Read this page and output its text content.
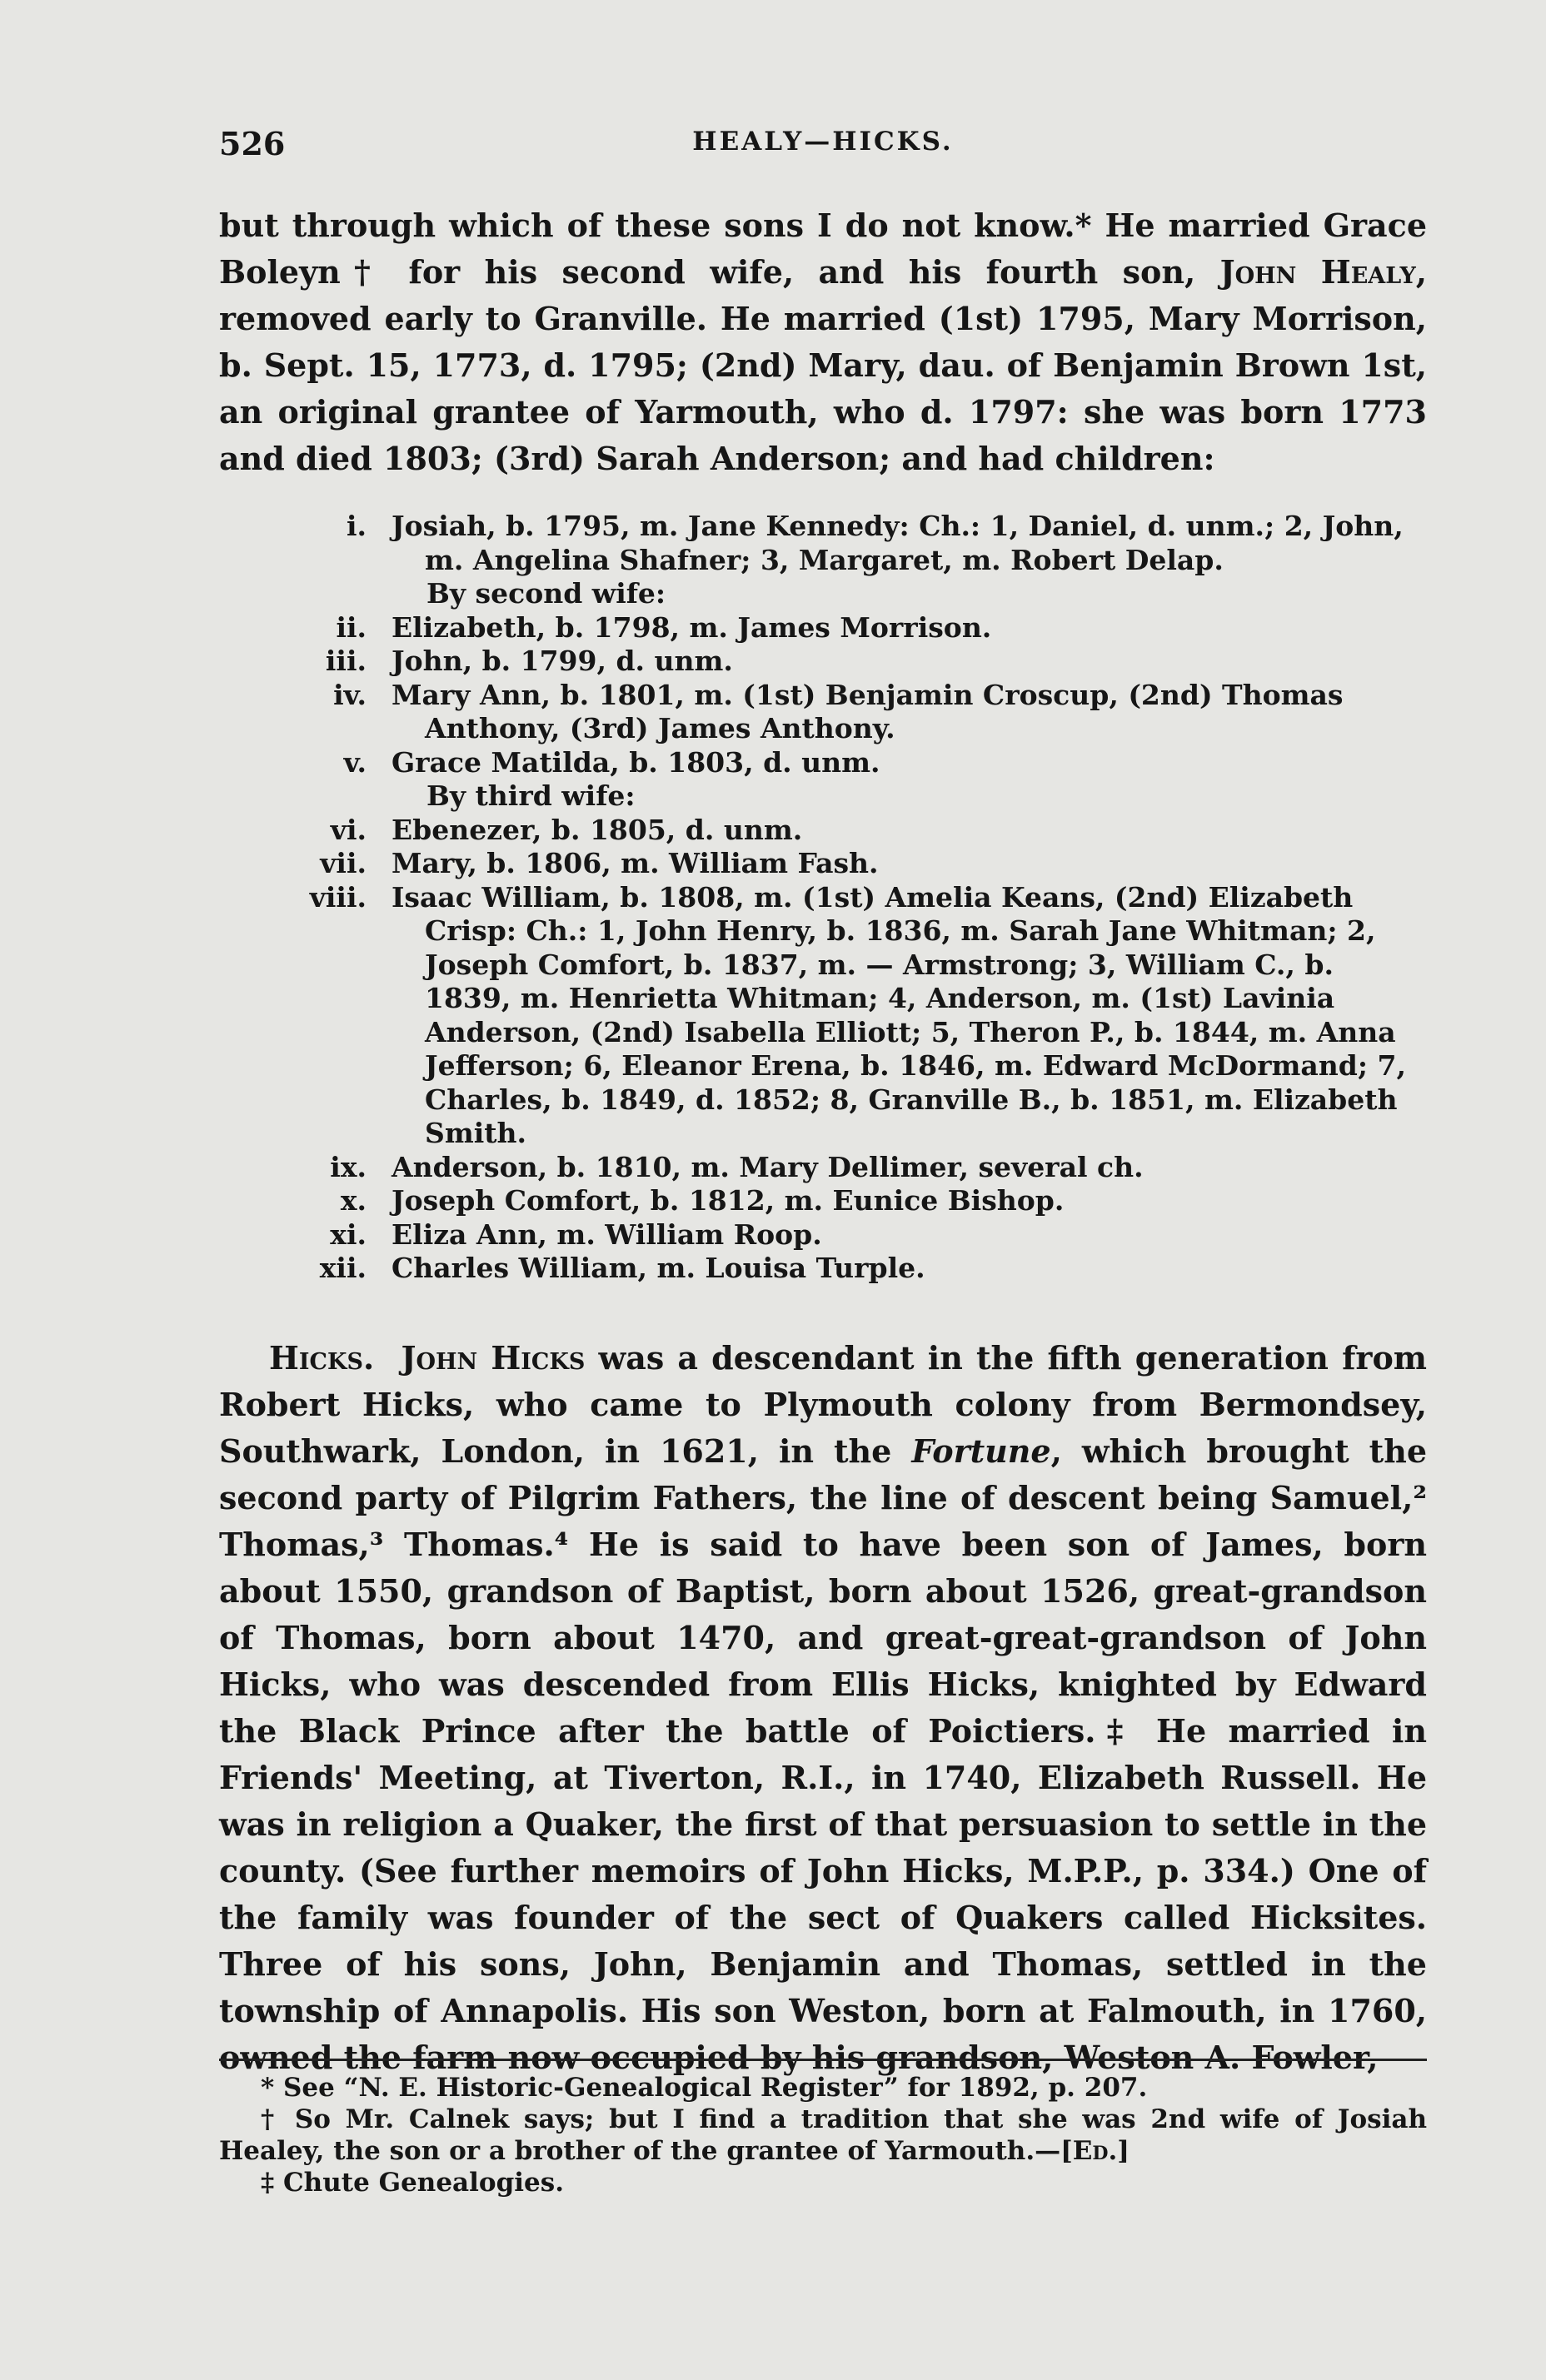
526	HEALY—HICKS.
but through which of these sons I do not know.* He married Grace Boleyn† for his second wife, and his fourth son, John Healy, removed early to Granville. He married (1st) 1795, Mary Morrison, b. Sept. 15, 1773, d. 1795; (2nd) Mary, dau. of Benjamin Brown 1st, an original grantee of Yarmouth, who d. 1797: she was born 1773 and died 1803; (3rd) Sarah Anderson; and had children:
i. Josiah, b. 1795, m. Jane Kennedy: Ch.: 1, Daniel, d. unm.; 2, John, m. Angelina Shafner; 3, Margaret, m. Robert Delap.
By second wife:
ii. Elizabeth, b. 1798, m. James Morrison.
iii. John, b. 1799, d. unm.
iv. Mary Ann, b. 1801, m. (1st) Benjamin Croscup, (2nd) Thomas Anthony, (3rd) James Anthony.
v. Grace Matilda, b. 1803, d. unm.
By third wife:
vi. Ebenezer, b. 1805, d. unm.
vii. Mary, b. 1806, m. William Fash.
viii. Isaac William, b. 1808, m. (1st) Amelia Keans, (2nd) Elizabeth Crisp: Ch.: 1, John Henry, b. 1836, m. Sarah Jane Whitman; 2, Joseph Comfort, b. 1837, m. — Armstrong; 3, William C., b. 1839, m. Henrietta Whitman; 4, Anderson, m. (1st) Lavinia Anderson, (2nd) Isabella Elliott; 5, Theron P., b. 1844, m. Anna Jefferson; 6, Eleanor Erena, b. 1846, m. Edward McDormand; 7, Charles, b. 1849, d. 1852; 8, Granville B., b. 1851, m. Elizabeth Smith.
ix. Anderson, b. 1810, m. Mary Dellimer, several ch.
x. Joseph Comfort, b. 1812, m. Eunice Bishop.
xi. Eliza Ann, m. William Roop.
xii. Charles William, m. Louisa Turple.
Hicks. John Hicks was a descendant in the fifth generation from Robert Hicks, who came to Plymouth colony from Bermondsey, Southwark, London, in 1621, in the Fortune, which brought the second party of Pilgrim Fathers, the line of descent being Samuel,² Thomas,³ Thomas.⁴ He is said to have been son of James, born about 1550, grandson of Baptist, born about 1526, great-grandson of Thomas, born about 1470, and great-great-grandson of John Hicks, who was descended from Ellis Hicks, knighted by Edward the Black Prince after the battle of Poictiers.‡ He married in Friends' Meeting, at Tiverton, R.I., in 1740, Elizabeth Russell. He was in religion a Quaker, the first of that persuasion to settle in the county. (See further memoirs of John Hicks, M.P.P., p. 334.) One of the family was founder of the sect of Quakers called Hicksites. Three of his sons, John, Benjamin and Thomas, settled in the township of Annapolis. His son Weston, born at Falmouth, in 1760, owned the farm now occupied by his grandson, Weston A. Fowler,
* See “N. E. Historic-Genealogical Register” for 1892, p. 207.
† So Mr. Calnek says; but I find a tradition that she was 2nd wife of Josiah Healey, the son or a brother of the grantee of Yarmouth.—[Ed.]
‡ Chute Genealogies.
